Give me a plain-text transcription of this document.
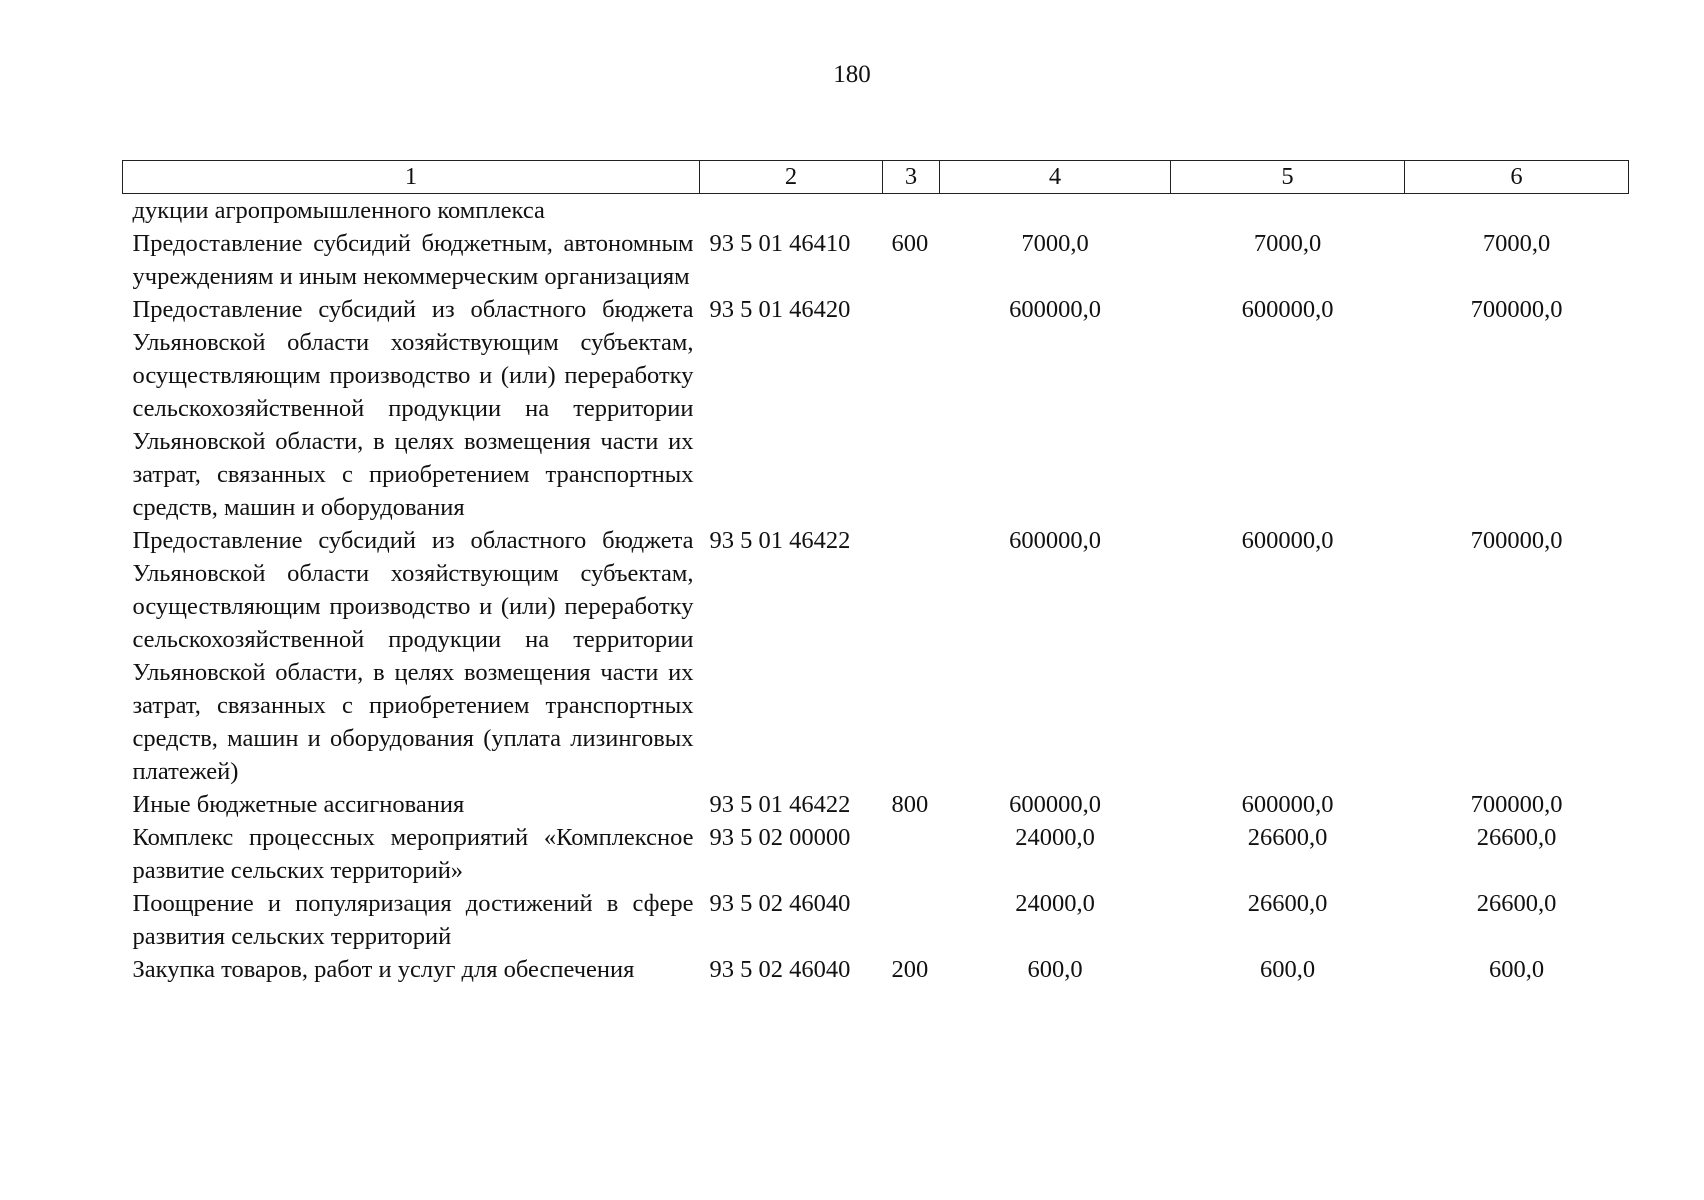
180
1	2	3	4	5	6
дукции агропромышленного комплекса					
Предоставление субсидий бюджетным, автономным учреждениям и иным некоммерческим организациям	93 5 01 46410	600	7000,0	7000,0	7000,0
Предоставление субсидий из областного бюджета Ульяновской области хозяйствующим субъектам, осуществляющим производство и (или) переработку сельскохозяйственной продукции на территории Ульяновской области, в целях возмещения части их затрат, связанных с приобретением транспортных средств, машин и оборудования	93 5 01 46420		600000,0	600000,0	700000,0
Предоставление субсидий из областного бюджета Ульяновской области хозяйствующим субъектам, осуществляющим производство и (или) переработку сельскохозяйственной продукции на территории Ульяновской области, в целях возмещения части их затрат, связанных с приобретением транспортных средств, машин и оборудования (уплата лизинговых платежей)	93 5 01 46422		600000,0	600000,0	700000,0
Иные бюджетные ассигнования	93 5 01 46422	800	600000,0	600000,0	700000,0
Комплекс процессных мероприятий «Комплексное развитие сельских территорий»	93 5 02 00000		24000,0	26600,0	26600,0
Поощрение и популяризация достижений в сфере развития сельских территорий	93 5 02 46040		24000,0	26600,0	26600,0
Закупка товаров, работ и услуг для обеспечения	93 5 02 46040	200	600,0	600,0	600,0
